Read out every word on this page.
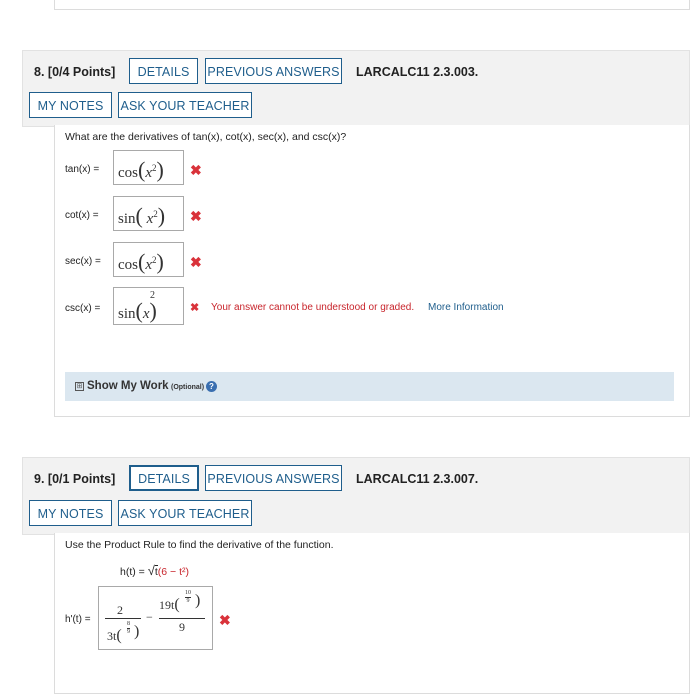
8. [0/4 Points]	DETAILS	PREVIOUS ANSWERS LARCALC11 2.3.003.
MY NOTES	ASK YOUR TEACHER
What are the derivatives of tan(x), cot(x), sec(x), and csc(x)?
$\tan(x) = \cos(x^2)$ ✖
cot(x) = sin( $x^2$) ✖
$\sec(x) = \cos(x^2)$ ✖
csc(x) = sin(x)
2
✖ Your answer cannot be understood or graded. More Information
⊞ Show My Work (Optional) ?
9. [0/1 Points]	DETAILS	PREVIOUS ANSWERS LARCALC11 2.3.007.
MY NOTES	ASK YOUR TEACHER
Use the Product Rule to find the derivative of the function.
h(t) = √t(6 − t²)
h'(t) =
2
3t(
8
9 )
−
19t(
10
9 )
9 ✖
